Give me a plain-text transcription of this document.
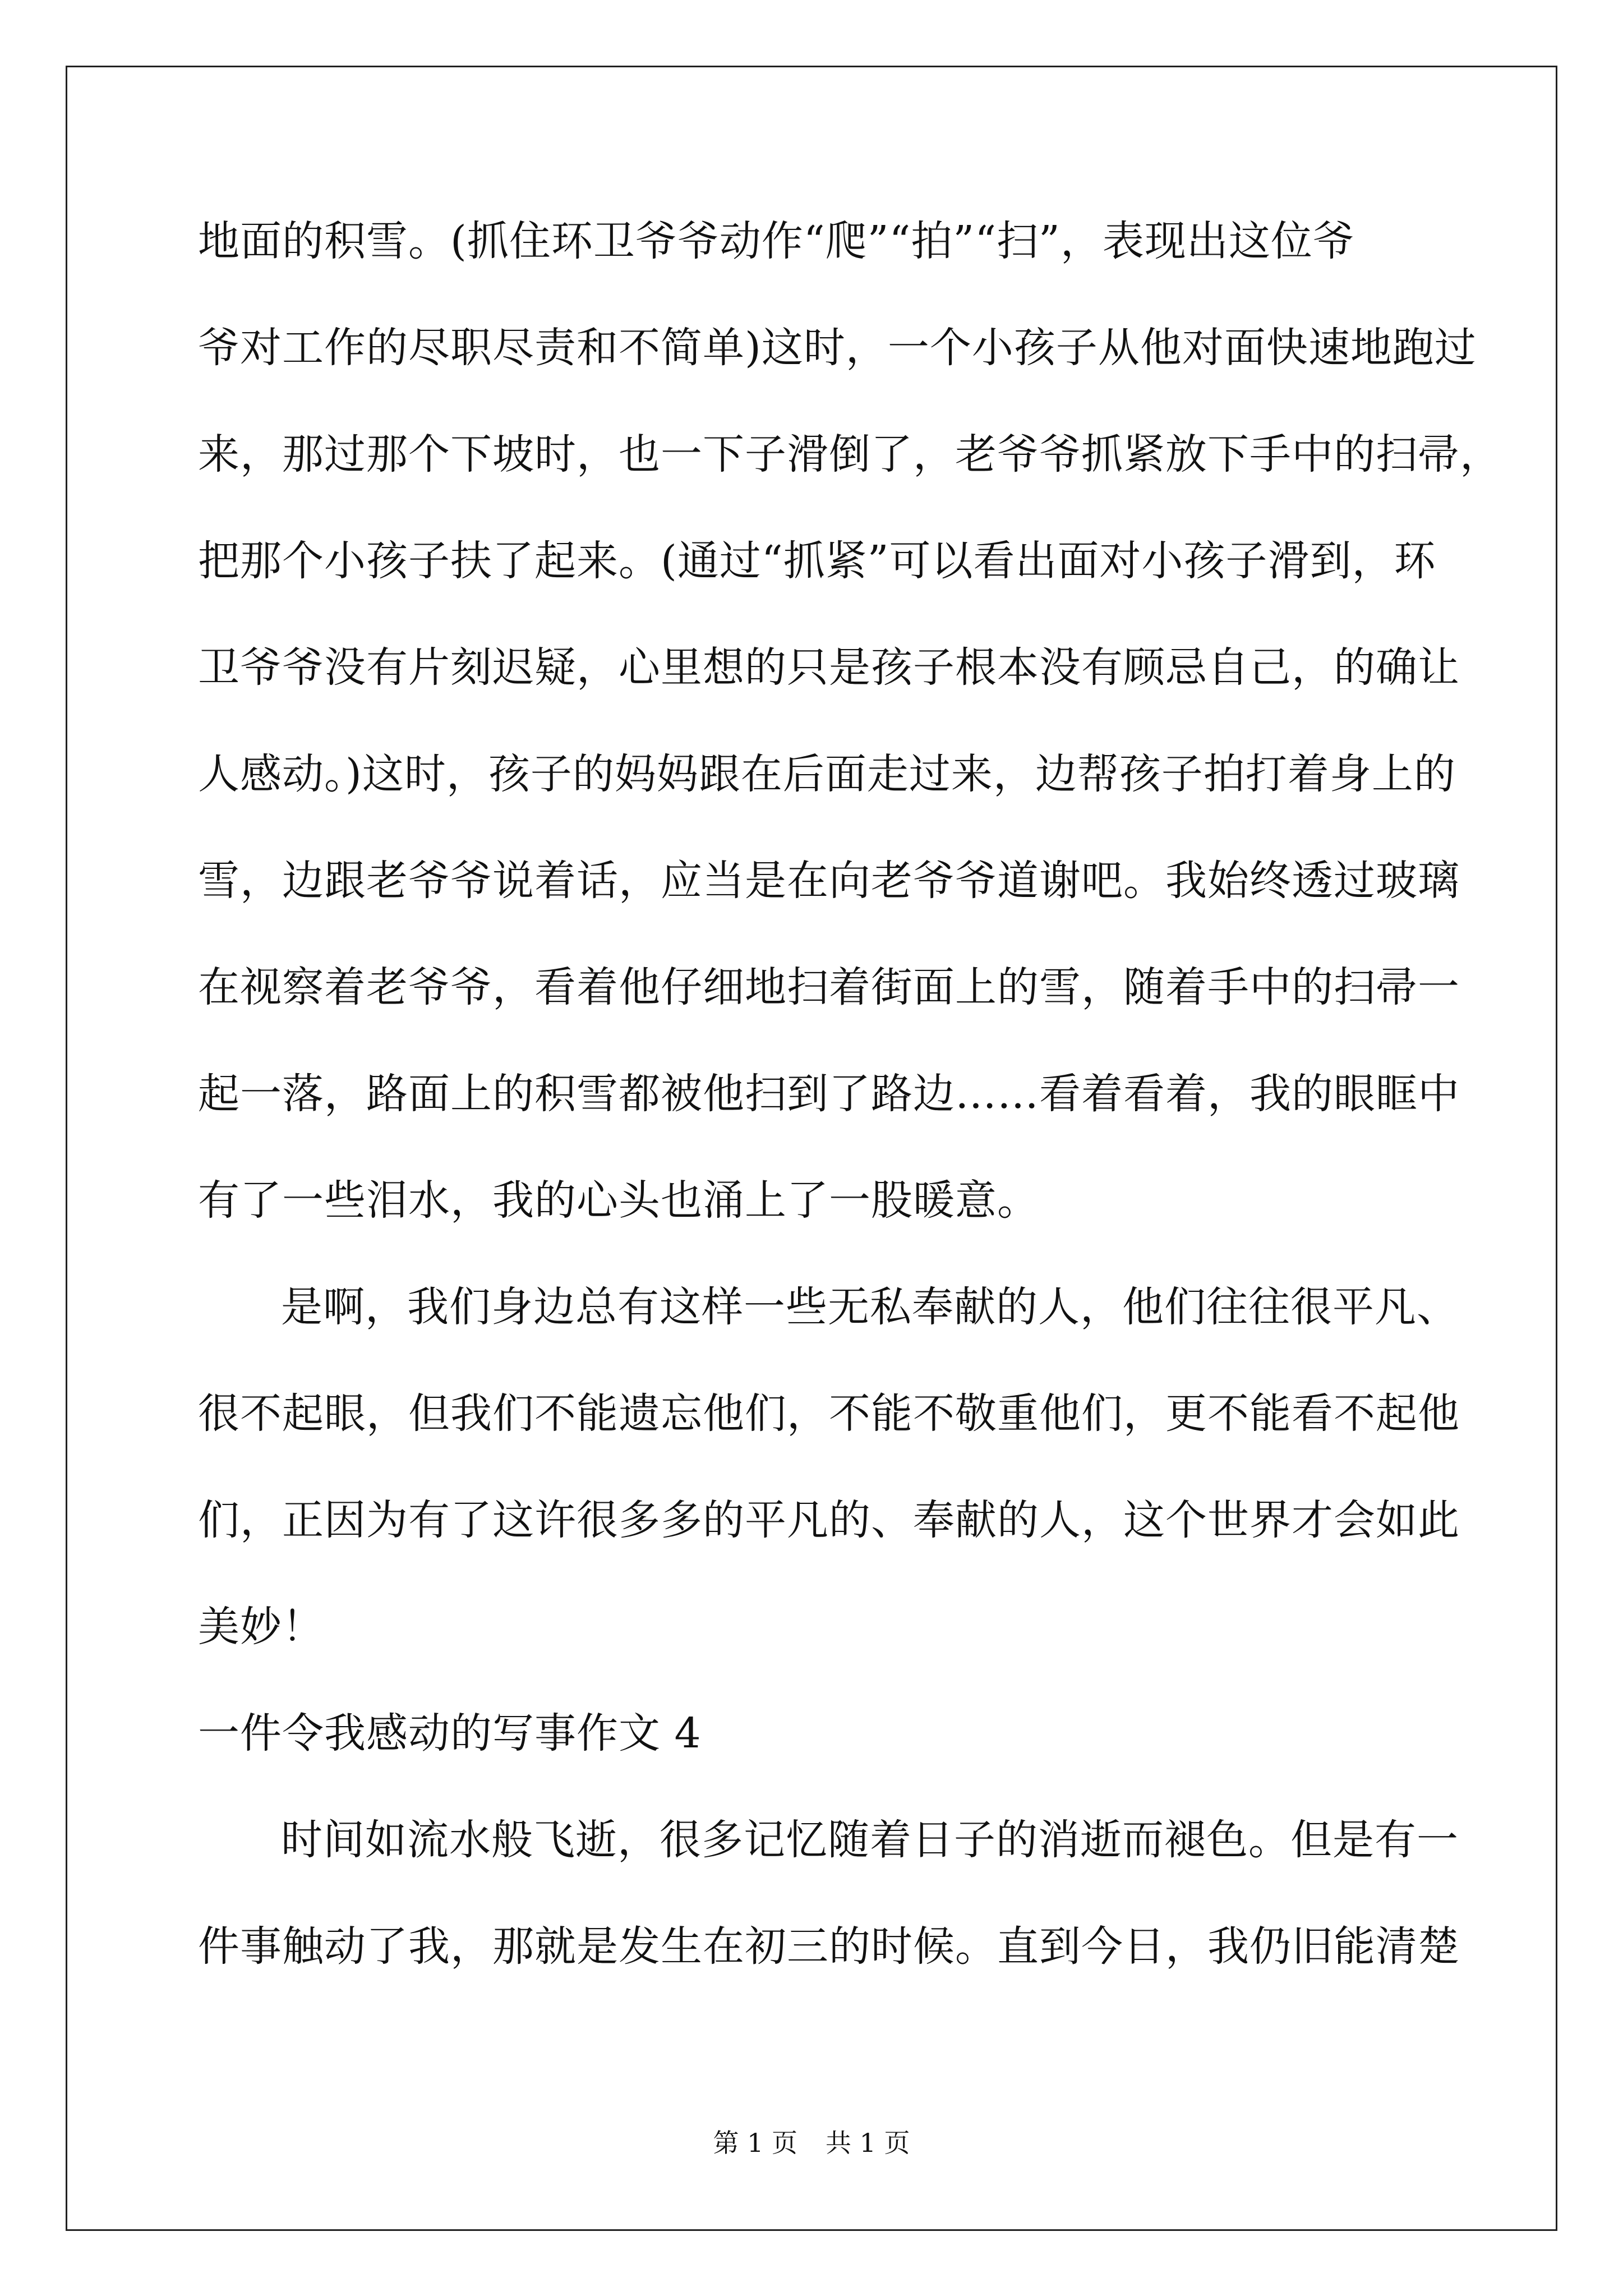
地面的积雪。(抓住环卫爷爷动作“爬”“拍”“扫”，表现出这位爷
爷对工作的尽职尽责和不简单)这时，一个小孩子从他对面快速地跑过
来，那过那个下坡时，也一下子滑倒了，老爷爷抓紧放下手中的扫帚，
把那个小孩子扶了起来。(通过“抓紧”可以看出面对小孩子滑到，环
卫爷爷没有片刻迟疑，心里想的只是孩子根本没有顾忌自己，的确让
人感动。)这时，孩子的妈妈跟在后面走过来，边帮孩子拍打着身上的
雪，边跟老爷爷说着话，应当是在向老爷爷道谢吧。我始终透过玻璃
在视察着老爷爷，看着他仔细地扫着街面上的雪，随着手中的扫帚一
起一落，路面上的积雪都被他扫到了路边……看着看着，我的眼眶中
有了一些泪水，我的心头也涌上了一股暖意。
是啊，我们身边总有这样一些无私奉献的人，他们往往很平凡、
很不起眼，但我们不能遗忘他们，不能不敬重他们，更不能看不起他
们，正因为有了这许很多多的平凡的、奉献的人，这个世界才会如此
美妙！
一件令我感动的写事作文 4
时间如流水般飞逝，很多记忆随着日子的消逝而褪色。但是有一
件事触动了我，那就是发生在初三的时候。直到今日，我仍旧能清楚
第 1 页 共 1 页
